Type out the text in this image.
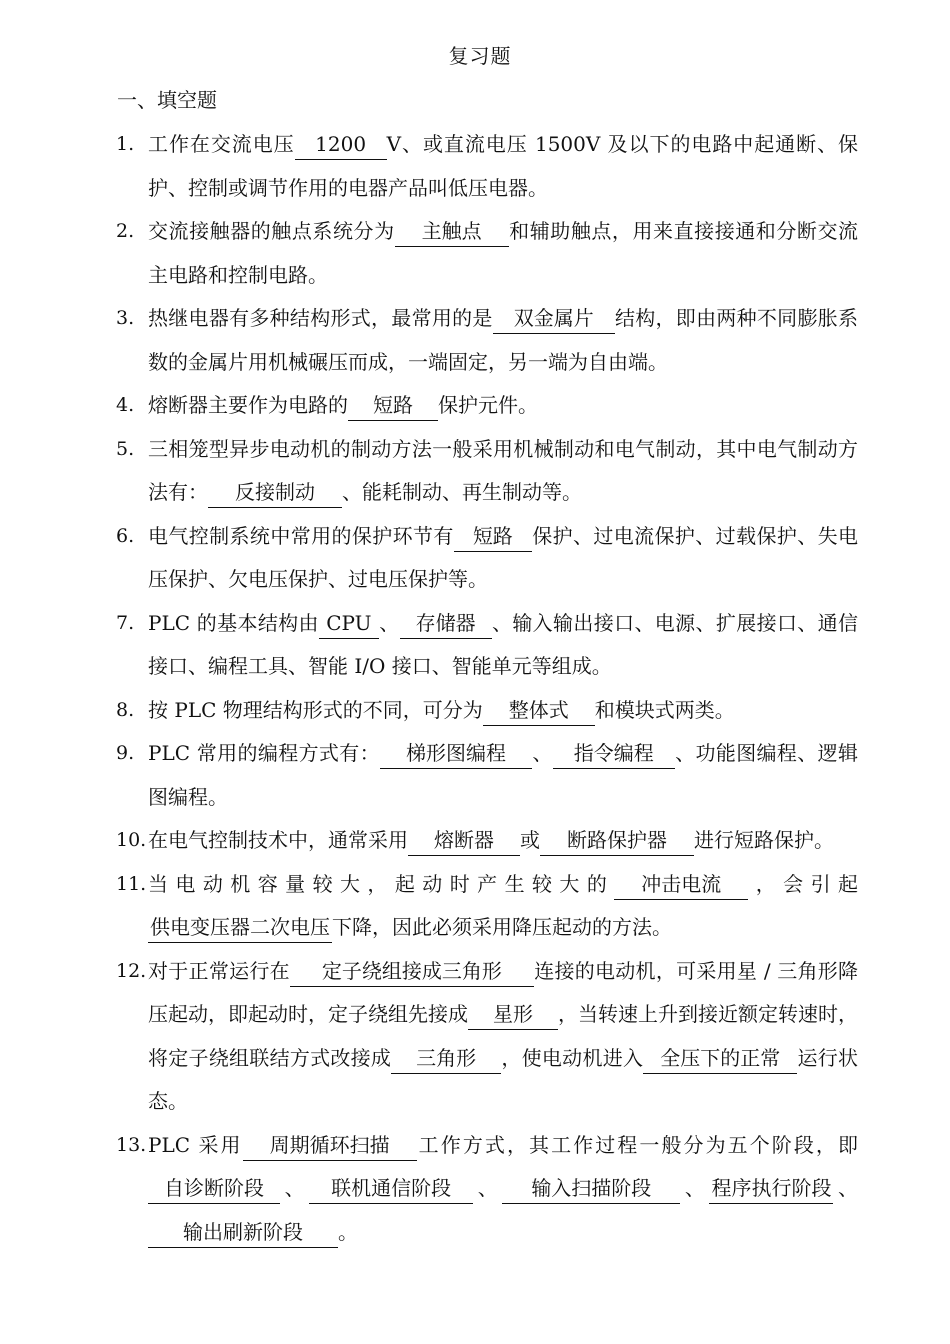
复习题
一、填空题
1. 工作在交流电压 1200 V、或直流电压 1500V 及以下的电路中起通断、保护、控制或调节作用的电器产品叫低压电器。
2. 交流接触器的触点系统分为 主触点 和辅助触点，用来直接接通和分断交流主电路和控制电路。
3. 热继电器有多种结构形式，最常用的是 双金属片 结构，即由两种不同膨胀系数的金属片用机械碾压而成，一端固定，另一端为自由端。
4. 熔断器主要作为电路的 短路 保护元件。
5. 三相笼型异步电动机的制动方法一般采用机械制动和电气制动，其中电气制动方法有： 反接制动 、能耗制动、再生制动等。
6. 电气控制系统中常用的保护环节有 短路 保护、过电流保护、过载保护、失电压保护、欠电压保护、过电压保护等。
7. PLC 的基本结构由 CPU 、 存储器 、输入输出接口、电源、扩展接口、通信接口、编程工具、智能 I/O 接口、智能单元等组成。
8. 按 PLC 物理结构形式的不同，可分为 整体式 和模块式两类。
9. PLC 常用的编程方式有： 梯形图编程 、 指令编程 、功能图编程、逻辑图编程。
10. 在电气控制技术中，通常采用 熔断器 或 断路保护器 进行短路保护。
11. 当电动机容量较大，起动时产生较大的 冲击电流 ，会引起供电变压器二次电压 下降，因此必须采用降压起动的方法。
12. 对于正常运行在 定子绕组接成三角形 连接的电动机，可采用星 / 三角形降压起动，即起动时，定子绕组先接成 星形 ，当转速上升到接近额定转速时，将定子绕组联结方式改接成 三角形 ，使电动机进入 全压下的正常 运行状态。
13. PLC 采用 周期循环扫描 工作方式，其工作过程一般分为五个阶段，即自诊断阶段 、 联机通信阶段 、 输入扫描阶段 、 程序执行阶段 、输出刷新阶段 。
